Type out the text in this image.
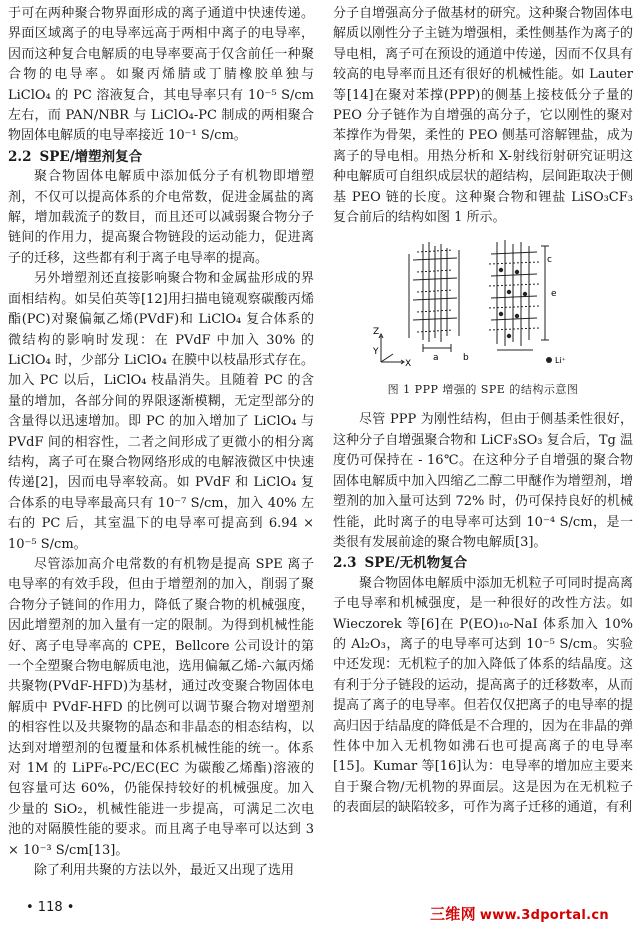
于可在两种聚合物界面形成的离子通道中快速传递。界面区域离子的电导率远高于两相中离子的电导率，因而这种复合电解质的电导率要高于仅含前任一种聚合物的电导率。如聚丙烯腈或丁腈橡胶单独与 LiClO₄ 的 PC 溶液复合，其电导率只有 10⁻⁵ S/cm 左右，而 PAN/NBR 与 LiClO₄-PC 制成的两相聚合物固体电解质的电导率接近 10⁻¹ S/cm。

2.2 SPE/增塑剂复合

聚合物固体电解质中添加低分子有机物即增塑剂，不仅可以提高体系的介电常数，促进金属盐的离解，增加载流子的数目，而且还可以减弱聚合物分子链间的作用力，提高聚合物链段的运动能力，促进离子的迁移，这些都有利于离子电导率的提高。

另外增塑剂还直接影响聚合物和金属盐形成的界面相结构。如吴伯英等[12]用扫描电镜观察碳酸丙烯酯(PC)对聚偏氟乙烯(PVdF)和 LiClO₄ 复合体系的微结构的影响时发现：在 PVdF 中加入 30% 的 LiClO₄ 时，少部分 LiClO₄ 在膜中以枝晶形式存在。加入 PC 以后，LiClO₄ 枝晶消失。且随着 PC 的含量的增加，各部分间的界限逐渐模糊，无定型部分的含量得以迅速增加。即 PC 的加入增加了 LiClO₄ 与 PVdF 间的相容性，二者之间形成了更微小的相分离结构，离子可在聚合物网络形成的电解液微区中快速传递[2]，因而电导率较高。如 PVdF 和 LiClO₄ 复合体系的电导率最高只有 10⁻⁷ S/cm，加入 40% 左右的 PC 后，其室温下的电导率可提高到 6.94 × 10⁻⁵ S/cm。

尽管添加高介电常数的有机物是提高 SPE 离子电导率的有效手段，但由于增塑剂的加入，削弱了聚合物分子链间的作用力，降低了聚合物的机械强度，因此增塑剂的加入量有一定的限制。为得到机械性能好、离子电导率高的 CPE，Bellcore 公司设计的第一个全塑聚合物电解质电池，选用偏氟乙烯-六氟丙烯共聚物(PVdF-HFD)为基材，通过改变聚合物固体电解质中 PVdF-HFD 的比例可以调节聚合物对增塑剂的相容性以及共聚物的晶态和非晶态的相态结构，以达到对增塑剂的包覆量和体系机械性能的统一。体系对 1M 的 LiPF₆-PC/EC(EC 为碳酸乙烯酯)溶液的包容量可达 60%，仍能保持较好的机械强度。加入少量的 SiO₂，机械性能进一步提高，可满足二次电池的对隔膜性能的要求。而且离子电导率可以达到 3 × 10⁻³ S/cm[13]。

除了利用共聚的方法以外，最近又出现了选用

分子自增强高分子做基材的研究。这种聚合物固体电解质以刚性分子主链为增强相，柔性侧基作为离子的导电相，离子可在预设的通道中传递，因而不仅具有较高的电导率而且还有很好的机械性能。如 Lauter 等[14]在聚对苯撑(PPP)的侧基上接枝低分子量的 PEO 分子链作为自增强的高分子，它以刚性的聚对苯撑作为骨架，柔性的 PEO 侧基可溶解锂盐，成为离子的导电相。用热分析和 X-射线衍射研究证明这种电解质可自组织成层状的超结构，层间距取决于侧基 PEO 链的长度。这种聚合物和锂盐 LiSO₃CF₃ 复合前后的结构如图 1 所示。

a	b
e
c
Z
Y
X	Li⁺
图 1 PPP 增强的 SPE 的结构示意图

尽管 PPP 为刚性结构，但由于侧基柔性很好，这种分子自增强聚合物和 LiCF₃SO₃ 复合后，Tg 温度仍可保持在 - 16℃。在这种分子自增强的聚合物固体电解质中加入四缩乙二醇二甲醚作为增塑剂，增塑剂的加入量可达到 72% 时，仍可保持良好的机械性能，此时离子的电导率可达到 10⁻⁴ S/cm，是一类很有发展前途的聚合物电解质[3]。

2.3 SPE/无机物复合

聚合物固体电解质中添加无机粒子可同时提高离子电导率和机械强度，是一种很好的改性方法。如 Wieczorek 等[6]在 P(EO)₁₀-NaI 体系加入 10% 的 Al₂O₃，离子的电导率可达到 10⁻⁵ S/cm。实验中还发现：无机粒子的加入降低了体系的结晶度。这有利于分子链段的运动，提高离子的迁移数率，从而提高了离子的电导率。但若仅仅把离子的电导率的提高归因于结晶度的降低是不合理的，因为在非晶的弹性体中加入无机物如沸石也可提高离子的电导率[15]。Kumar 等[16]认为：电导率的增加应主要来自于聚合物/无机物的界面层。这是因为在无机粒子的表面层的缺陷较多，可作为离子迁移的通道，有利

• 118 •	三维网 www.3dportal.cn
